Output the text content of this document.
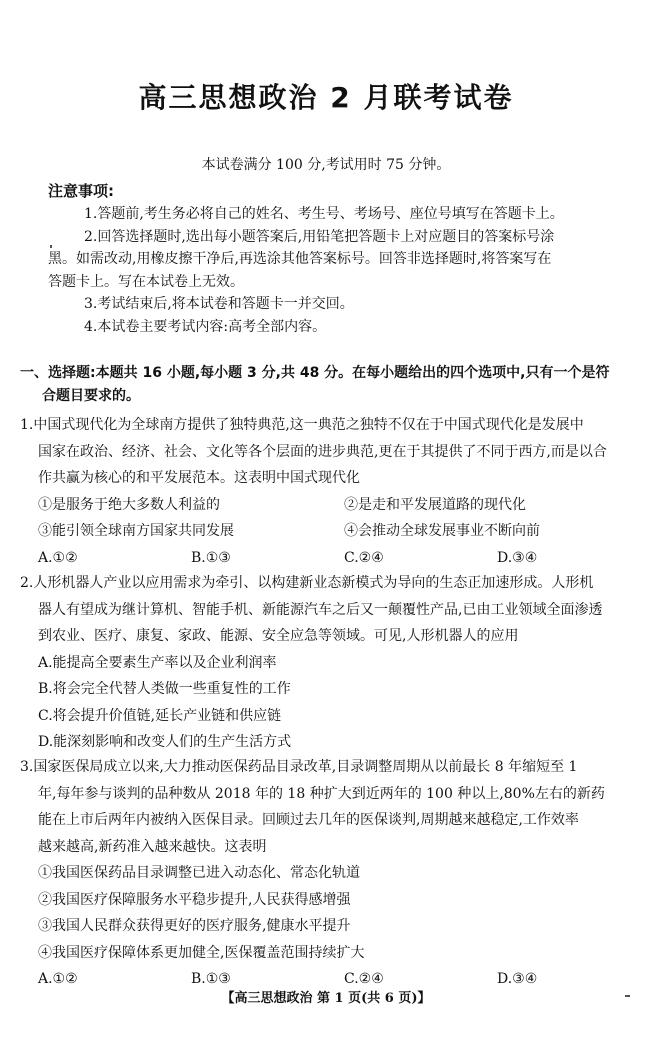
高三思想政治 2 月联考试卷
本试卷满分 100 分,考试用时 75 分钟。
注意事项:
1.答题前,考生务必将自己的姓名、考生号、考场号、座位号填写在答题卡上。
2.回答选择题时,选出每小题答案后,用铅笔把答题卡上对应题目的答案标号涂
黑。如需改动,用橡皮擦干净后,再选涂其他答案标号。回答非选择题时,将答案写在
答题卡上。写在本试卷上无效。
3.考试结束后,将本试卷和答题卡一并交回。
4.本试卷主要考试内容:高考全部内容。
一、选择题:本题共 16 小题,每小题 3 分,共 48 分。在每小题给出的四个选项中,只有一个是符
合题目要求的。
1.中国式现代化为全球南方提供了独特典范,这一典范之独特不仅在于中国式现代化是发展中
国家在政治、经济、社会、文化等各个层面的进步典范,更在于其提供了不同于西方,而是以合
作共赢为核心的和平发展范本。这表明中国式现代化
①是服务于绝大多数人利益的	②是走和平发展道路的现代化
③能引领全球南方国家共同发展	④会推动全球发展事业不断向前
A.①②	B.①③	C.②④	D.③④
2.人形机器人产业以应用需求为牵引、以构建新业态新模式为导向的生态正加速形成。人形机
器人有望成为继计算机、智能手机、新能源汽车之后又一颠覆性产品,已由工业领域全面渗透
到农业、医疗、康复、家政、能源、安全应急等领域。可见,人形机器人的应用
A.能提高全要素生产率以及企业利润率
B.将会完全代替人类做一些重复性的工作
C.将会提升价值链,延长产业链和供应链
D.能深刻影响和改变人们的生产生活方式
3.国家医保局成立以来,大力推动医保药品目录改革,目录调整周期从以前最长 8 年缩短至 1
年,每年参与谈判的品种数从 2018 年的 18 种扩大到近两年的 100 种以上,80%左右的新药
能在上市后两年内被纳入医保目录。回顾过去几年的医保谈判,周期越来越稳定,工作效率
越来越高,新药准入越来越快。这表明
①我国医保药品目录调整已进入动态化、常态化轨道
②我国医疗保障服务水平稳步提升,人民获得感增强
③我国人民群众获得更好的医疗服务,健康水平提升
④我国医疗保障体系更加健全,医保覆盖范围持续扩大
A.①②	B.①③	C.②④	D.③④
【高三思想政治 第 1 页(共 6 页)】
